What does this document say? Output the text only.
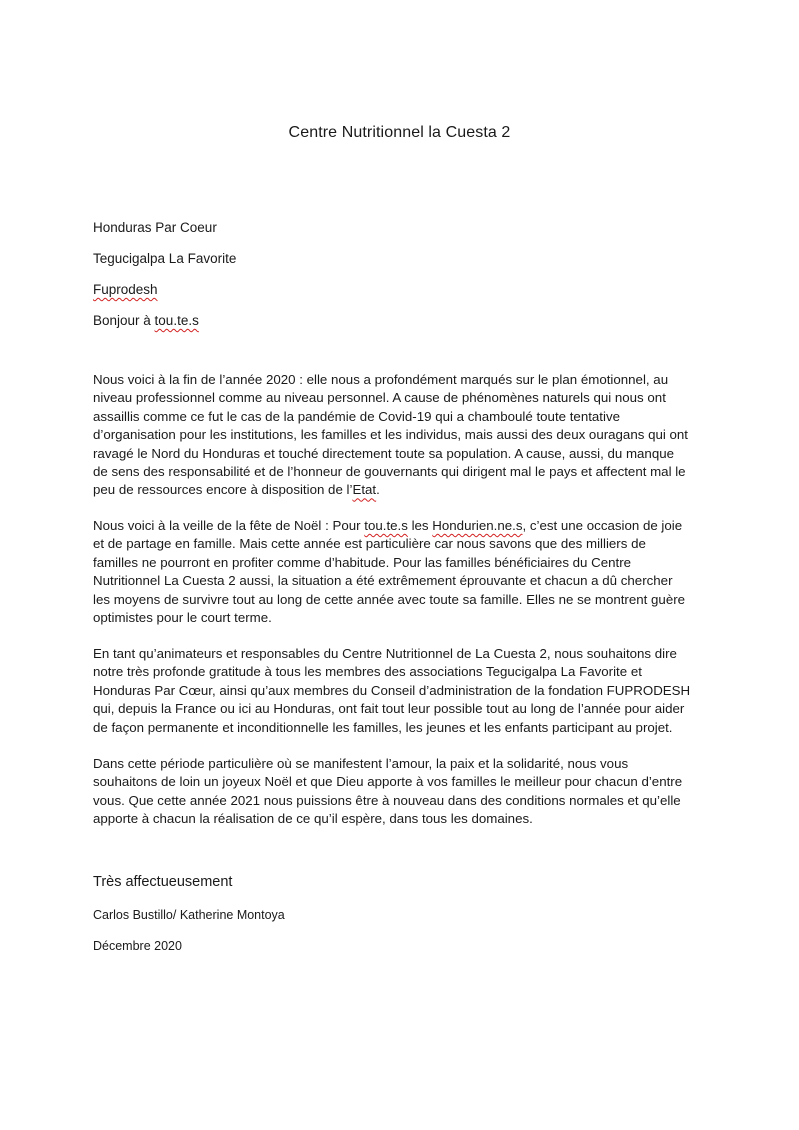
Centre Nutritionnel la Cuesta 2
Honduras Par Coeur
Tegucigalpa La Favorite
Fuprodesh
Bonjour à tou.te.s
Nous voici à la fin de l’année 2020 : elle nous a profondément marqués sur le plan émotionnel, au
niveau professionnel comme au niveau personnel. A cause de phénomènes naturels qui nous ont
assaillis comme ce fut le cas de la pandémie de Covid-19 qui a chamboulé toute tentative
d’organisation pour les institutions, les familles et les individus, mais aussi des deux ouragans qui ont
ravagé le Nord du Honduras et touché directement toute sa population. A cause, aussi, du manque
de sens des responsabilité et de l’honneur de gouvernants qui dirigent mal le pays et affectent mal le
peu de ressources encore à disposition de l’Etat.
Nous voici à la veille de la fête de Noël : Pour tou.te.s les Hondurien.ne.s, c’est une occasion de joie
et de partage en famille. Mais cette année est particulière car nous savons que des milliers de
familles ne pourront en profiter comme d’habitude. Pour las familles bénéficiaires du Centre
Nutritionnel La Cuesta 2 aussi, la situation a été extrêmement éprouvante et chacun a dû chercher
les moyens de survivre tout au long de cette année avec toute sa famille. Elles ne se montrent guère
optimistes pour le court terme.
En tant qu’animateurs et responsables du Centre Nutritionnel de La Cuesta 2, nous souhaitons dire
notre très profonde gratitude à tous les membres des associations Tegucigalpa La Favorite et
Honduras Par Cœur, ainsi qu’aux membres du Conseil d’administration de la fondation FUPRODESH
qui, depuis la France ou ici au Honduras, ont fait tout leur possible tout au long de l’année pour aider
de façon permanente et inconditionnelle les familles, les jeunes et les enfants participant au projet.
Dans cette période particulière où se manifestent l’amour, la paix et la solidarité, nous vous
souhaitons de loin un joyeux Noël et que Dieu apporte à vos familles le meilleur pour chacun d’entre
vous. Que cette année 2021 nous puissions être à nouveau dans des conditions normales et qu’elle
apporte à chacun la réalisation de ce qu’il espère, dans tous les domaines.
Très affectueusement
Carlos Bustillo/ Katherine Montoya
Décembre 2020
